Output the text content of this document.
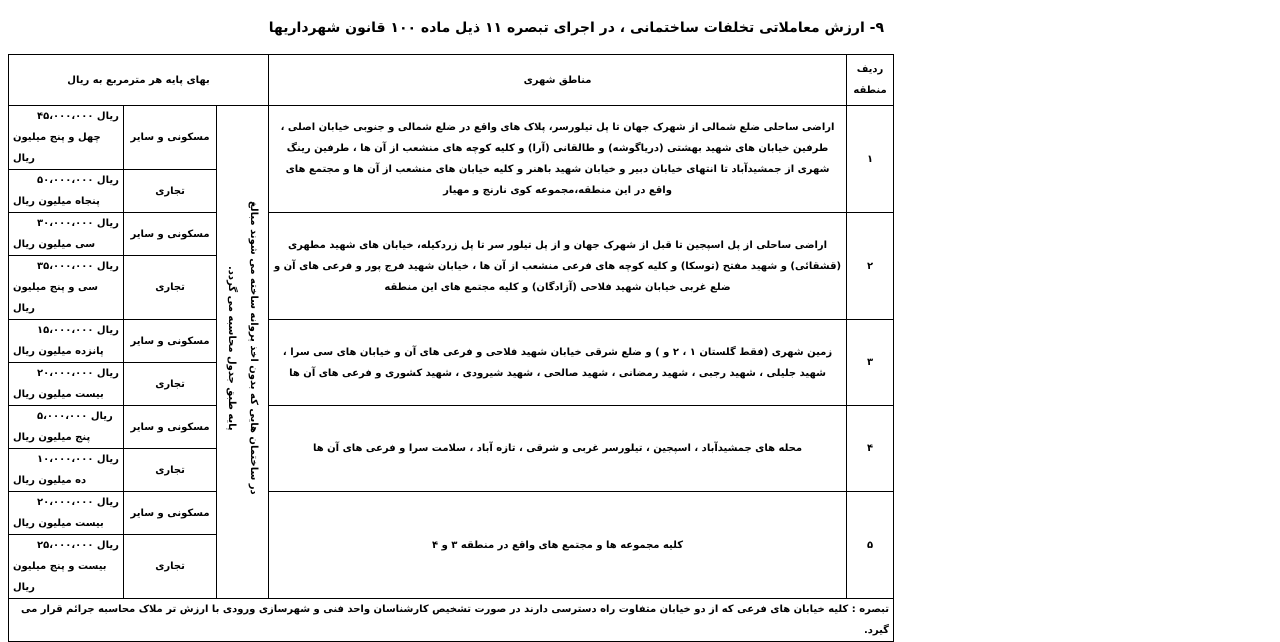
۹- ارزش معاملاتی تخلفات ساختمانی ، در اجرای تبصره ۱۱ ذیل ماده ۱۰۰ قانون شهرداریها
ردیف
منطقه	مناطق شهری	بهای پایه هر مترمربع به ریال		
۱	اراضی ساحلی ضلع شمالی از شهرک جهان تا پل تیلورسر، پلاک های واقع در ضلع شمالی و جنوبی خیابان اصلی ، طرفین خیابان های شهید بهشتی (دریاگوشه) و طالقانی (آرا) و کلیه کوچه های منشعب از آن ها ، طرفین رینگ شهری از جمشیدآباد تا انتهای خیابان دبیر و خیابان شهید باهنر و کلیه خیابان های منشعب از آن ها و مجتمع های واقع در این منطقه،مجموعه کوی نارنج و مهیار	در ساختمان هایی که بدون اخذ پروانه ساخته می شوند مبالغ پایه طبق جدول محاسبه می گردد.	مسکونی و سایر	۴۵،۰۰۰،۰۰۰ ریال
چهل و پنج میلیون ریال

			تجاری	۵۰،۰۰۰،۰۰۰ ریال
پنجاه میلیون ریال

۲	اراضی ساحلی از پل اسپجین تا قبل از شهرک جهان و از پل تیلور سر تا پل زردکیله، خیابان های شهید مطهری (قشقائی) و شهید مفتح (توسکا) و کلیه کوچه های فرعی منشعب از آن ها ، خیابان شهید فرج پور و فرعی های آن و ضلع غربی خیابان شهید فلاحی (آزادگان) و کلیه مجتمع های این منطقه		مسکونی و سایر	۳۰،۰۰۰،۰۰۰ ریال
سی میلیون ریال

			تجاری	۳۵،۰۰۰،۰۰۰ ریال
سی و پنج میلیون ریال

۳	زمین شهری (فقط گلستان ۱ ، ۲ و ) و ضلع شرقی خیابان شهید فلاحی و فرعی های آن و خیابان های سی سرا ، شهید جلیلی ، شهید رجبی ، شهید رمضانی ، شهید صالحی ، شهید شیرودی ، شهید کشوری و فرعی های آن ها		مسکونی و سایر	۱۵،۰۰۰،۰۰۰ ریال
پانزده میلیون ریال

			تجاری	۲۰،۰۰۰،۰۰۰ ریال
بیست میلیون ریال

۴	محله های جمشیدآباد ، اسپجین ، تیلورسر غربی و شرقی ، تازه آباد ، سلامت سرا و فرعی های آن ها		مسکونی و سایر	۵،۰۰۰،۰۰۰ ریال
پنج میلیون ریال

			تجاری	۱۰،۰۰۰،۰۰۰ ریال
ده میلیون ریال

۵	کلیه مجموعه ها و مجتمع های واقع در منطقه ۳ و ۴		مسکونی و سایر	۲۰،۰۰۰،۰۰۰ ریال
بیست میلیون ریال

			تجاری	۲۵،۰۰۰،۰۰۰ ریال
بیست و پنج میلیون ریال

تبصره : کلیه خیابان های فرعی که از دو خیابان متفاوت راه دسترسی دارند در صورت تشخیص کارشناسان واحد فنی و شهرسازی ورودی با ارزش تر ملاک محاسبه جرائم قرار می گیرد.				
